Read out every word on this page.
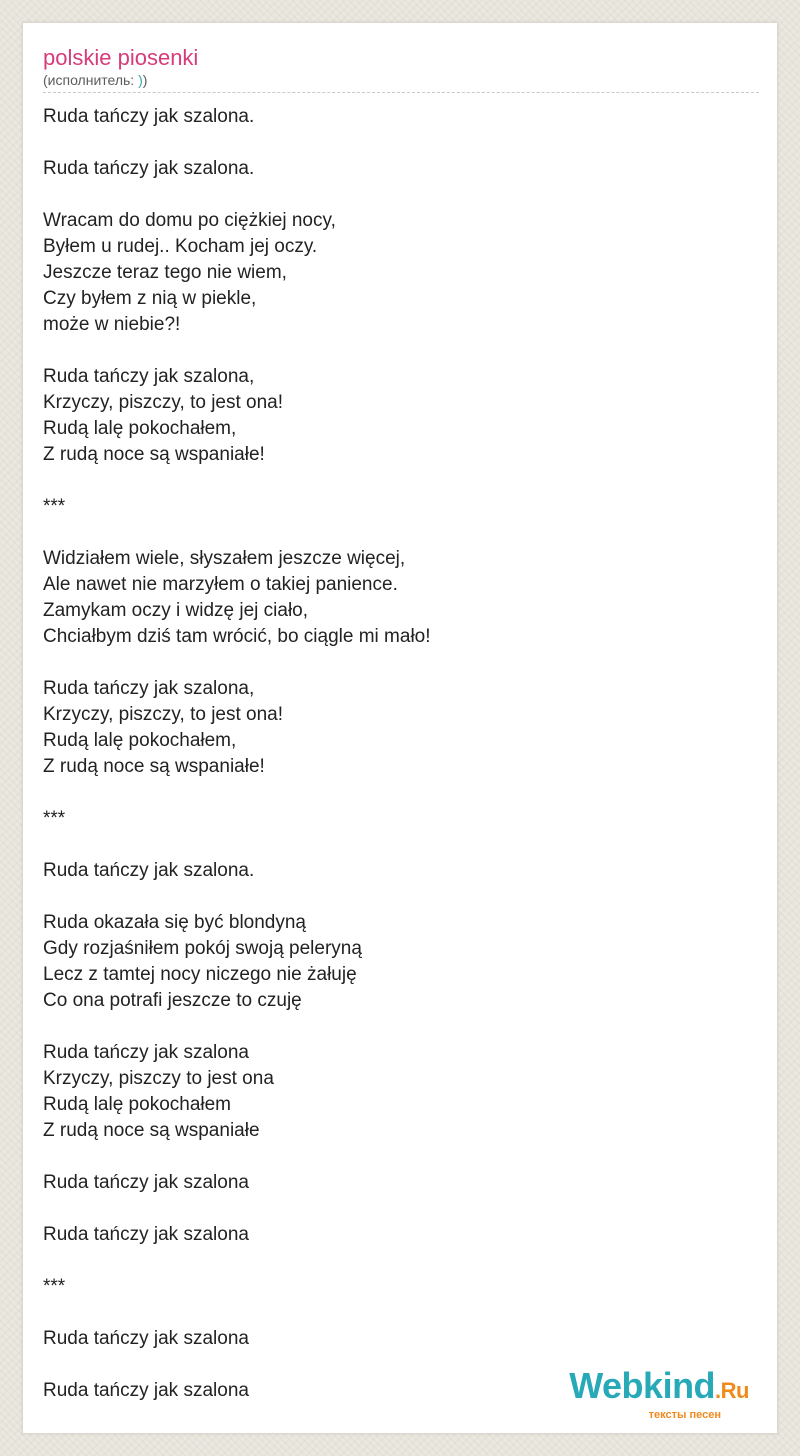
polskie piosenki
(исполнитель: ))
Ruda tańczy jak szalona.
Ruda tańczy jak szalona.
Wracam do domu po ciężkiej nocy,
Byłem u rudej.. Kocham jej oczy.
Jeszcze teraz tego nie wiem,
Czy byłem z nią w piekle,
może w niebie?!
Ruda tańczy jak szalona,
Krzyczy, piszczy, to jest ona!
Rudą lalę pokochałem,
Z rudą noce są wspaniałe!
***
Widziałem wiele, słyszałem jeszcze więcej,
Ale nawet nie marzyłem o takiej panience.
Zamykam oczy i widzę jej ciało,
Chciałbym dziś tam wrócić, bo ciągle mi mało!
Ruda tańczy jak szalona,
Krzyczy, piszczy, to jest ona!
Rudą lalę pokochałem,
Z rudą noce są wspaniałe!
***
Ruda tańczy jak szalona.
Ruda okazała się być blondyną
Gdy rozjaśniłem pokój swoją peleryną
Lecz z tamtej nocy niczego nie żałuję
Co ona potrafi jeszcze to czuję
Ruda tańczy jak szalona
Krzyczy, piszczy to jest ona
Rudą lalę pokochałem
Z rudą noce są wspaniałe
Ruda tańczy jak szalona
Ruda tańczy jak szalona
***
Ruda tańczy jak szalona
Ruda tańczy jak szalona	Webkind.Ru
тексты песен
